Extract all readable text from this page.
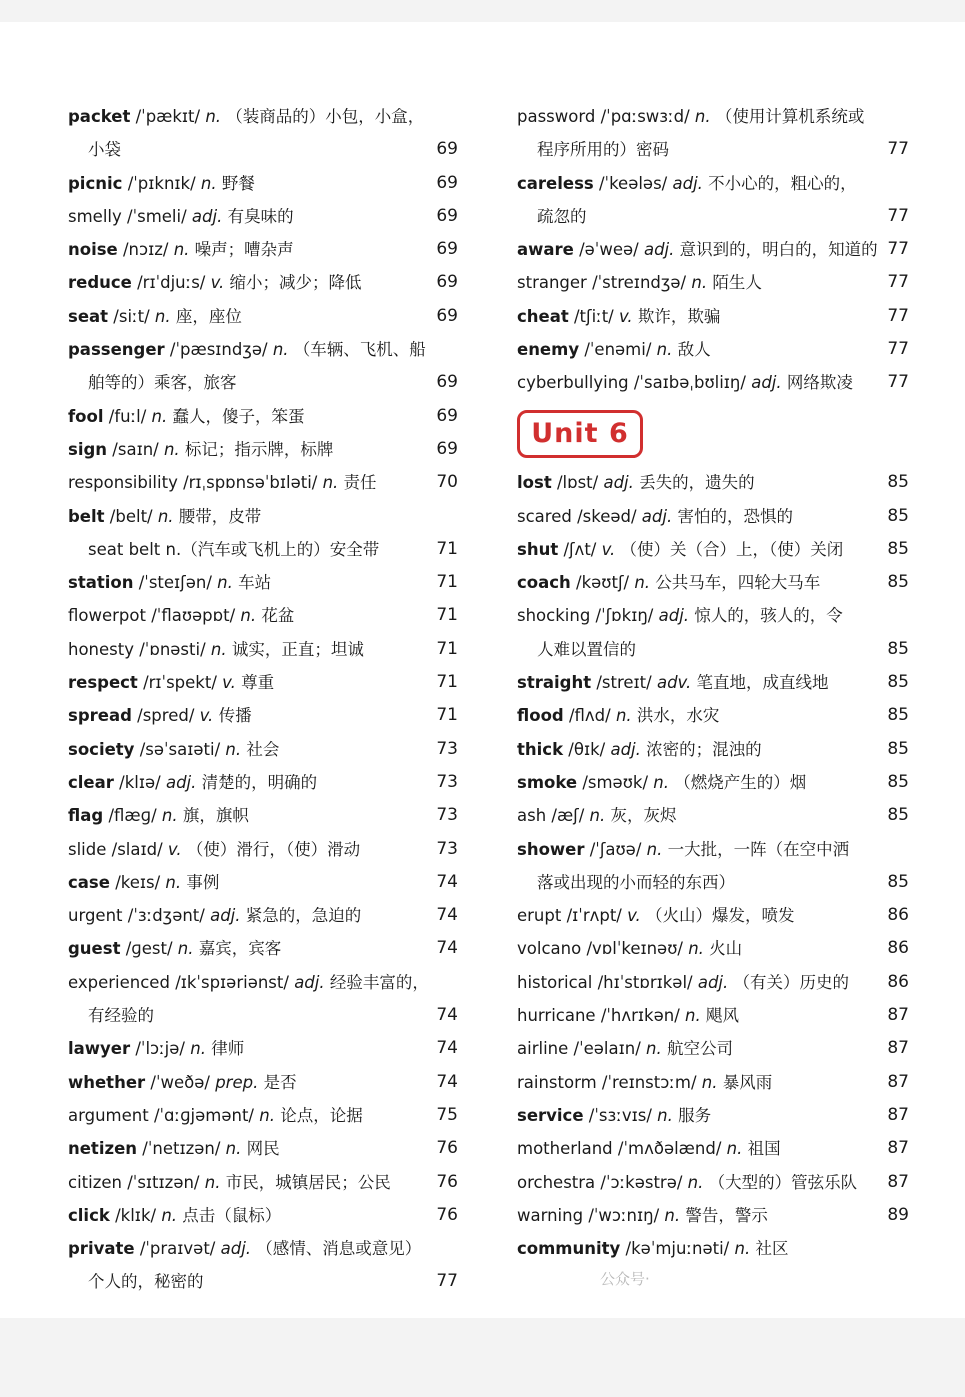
packet /ˈpækɪt/ n. （装商品的）小包，小盒，
小袋	69
picnic /ˈpɪknɪk/ n. 野餐	69
smelly /ˈsmeli/ adj. 有臭味的	69
noise /nɔɪz/ n. 噪声；嘈杂声	69
reduce /rɪˈdjuːs/ v. 缩小；减少；降低	69
seat /siːt/ n. 座，座位	69
passenger /ˈpæsɪndʒə/ n. （车辆、飞机、船
舶等的）乘客，旅客	69
fool /fuːl/ n. 蠢人，傻子，笨蛋	69
sign /saɪn/ n. 标记；指示牌，标牌	69
responsibility /rɪˌspɒnsəˈbɪləti/ n. 责任	70
belt /belt/ n. 腰带，皮带
seat belt n.（汽车或飞机上的）安全带	71
station /ˈsteɪʃən/ n. 车站	71
flowerpot /ˈflaʊəpɒt/ n. 花盆	71
honesty /ˈɒnəsti/ n. 诚实，正直；坦诚	71
respect /rɪˈspekt/ v. 尊重	71
spread /spred/ v. 传播	71
society /səˈsaɪəti/ n. 社会	73
clear /klɪə/ adj. 清楚的，明确的	73
flag /flæɡ/ n. 旗，旗帜	73
slide /slaɪd/ v. （使）滑行，（使）滑动	73
case /keɪs/ n. 事例	74
urgent /ˈɜːdʒənt/ adj. 紧急的，急迫的	74
guest /ɡest/ n. 嘉宾，宾客	74
experienced /ɪkˈspɪəriənst/ adj. 经验丰富的，
有经验的	74
lawyer /ˈlɔːjə/ n. 律师	74
whether /ˈweðə/ prep. 是否	74
argument /ˈɑːɡjəmənt/ n. 论点，论据	75
netizen /ˈnetɪzən/ n. 网民	76
citizen /ˈsɪtɪzən/ n. 市民，城镇居民；公民	76
click /klɪk/ n. 点击（鼠标）	76
private /ˈpraɪvət/ adj. （感情、消息或意见）
个人的，秘密的	77
password /ˈpɑːswɜːd/ n. （使用计算机系统或
程序所用的）密码	77
careless /ˈkeələs/ adj. 不小心的，粗心的，
疏忽的	77
aware /əˈweə/ adj. 意识到的，明白的，知道的 77
stranger /ˈstreɪndʒə/ n. 陌生人	77
cheat /tʃiːt/ v. 欺诈，欺骗	77
enemy /ˈenəmi/ n. 敌人	77
cyberbullying /ˈsaɪbəˌbʊliɪŋ/ adj. 网络欺凌 77
Unit 6
lost /lɒst/ adj. 丢失的，遗失的	85
scared /skeəd/ adj. 害怕的，恐惧的	85
shut /ʃʌt/ v. （使）关（合）上，（使）关闭	85
coach /kəʊtʃ/ n. 公共马车，四轮大马车	85
shocking /ˈʃɒkɪŋ/ adj. 惊人的，骇人的，令
人难以置信的	85
straight /streɪt/ adv. 笔直地，成直线地	85
flood /flʌd/ n. 洪水，水灾	85
thick /θɪk/ adj. 浓密的；混浊的	85
smoke /sməʊk/ n. （燃烧产生的）烟	85
ash /æʃ/ n. 灰，灰烬	85
shower /ˈʃaʊə/ n. 一大批，一阵（在空中洒
落或出现的小而轻的东西）	85
erupt /ɪˈrʌpt/ v. （火山）爆发，喷发	86
volcano /vɒlˈkeɪnəʊ/ n. 火山	86
historical /hɪˈstɒrɪkəl/ adj. （有关）历史的 86
hurricane /ˈhʌrɪkən/ n. 飓风	87
airline /ˈeəlaɪn/ n. 航空公司	87
rainstorm /ˈreɪnstɔːm/ n. 暴风雨	87
service /ˈsɜːvɪs/ n. 服务	87
motherland /ˈmʌðəlænd/ n. 祖国	87
orchestra /ˈɔːkəstrə/ n. （大型的）管弦乐队 87
warning /ˈwɔːnɪŋ/ n. 警告，警示	89
community /kəˈmjuːnəti/ n. 社区
公众号·
